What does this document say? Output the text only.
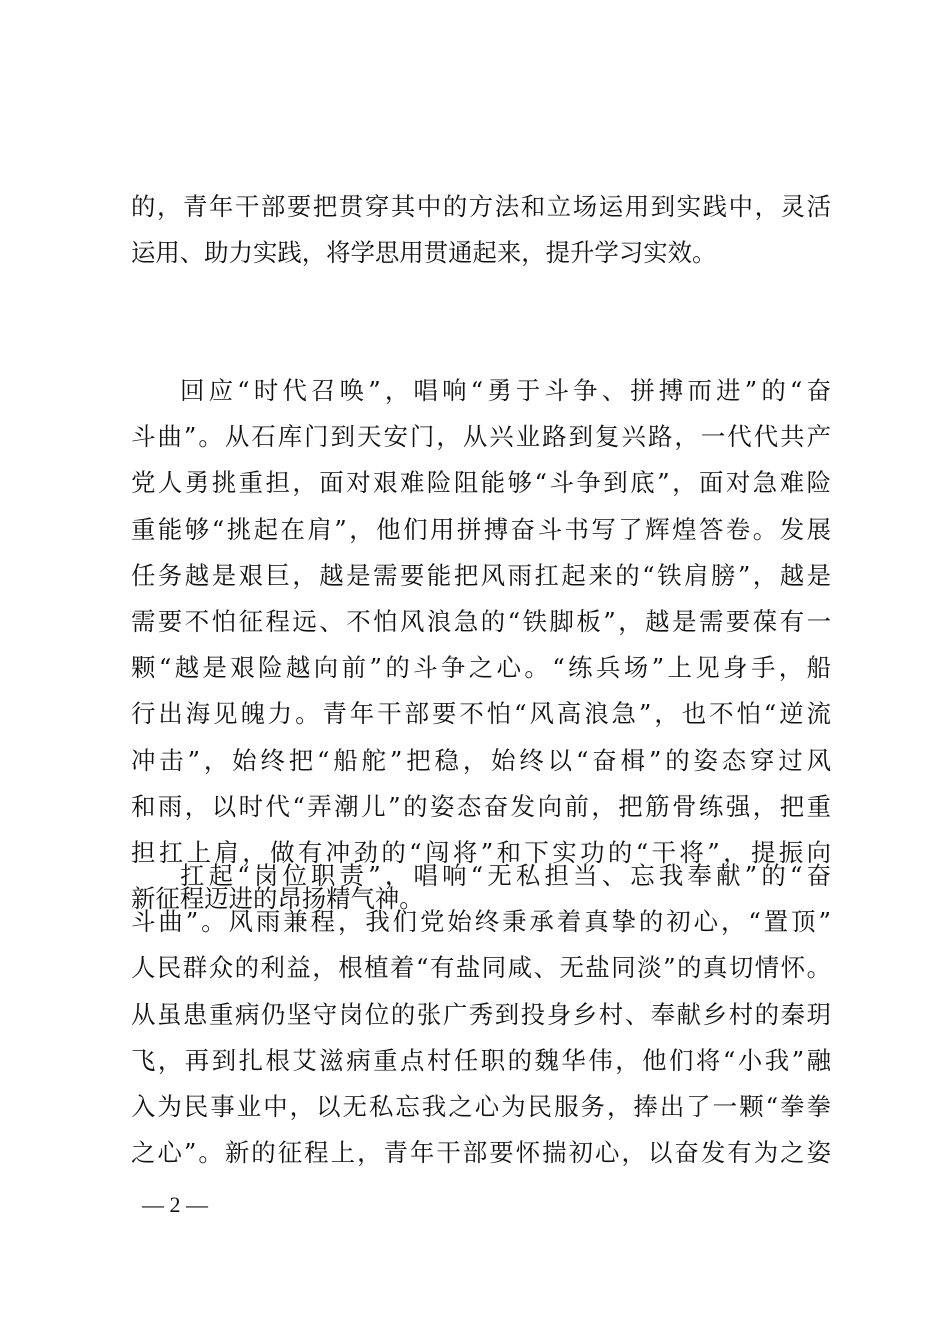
的，青年干部要把贯穿其中的方法和立场运用到实践中，灵活
运用、助力实践，将学思用贯通起来，提升学习实效。
回应“时代召唤”，唱响“勇于斗争、拼搏而进”的“奋
斗曲”。从石库门到天安门，从兴业路到复兴路，一代代共产
党人勇挑重担，面对艰难险阻能够“斗争到底”，面对急难险
重能够“挑起在肩”，他们用拼搏奋斗书写了辉煌答卷。发展
任务越是艰巨，越是需要能把风雨扛起来的“铁肩膀”，越是
需要不怕征程远、不怕风浪急的“铁脚板”，越是需要葆有一
颗“越是艰险越向前”的斗争之心。“练兵场”上见身手，船
行出海见魄力。青年干部要不怕“风高浪急”，也不怕“逆流
冲击”，始终把“船舵”把稳，始终以“奋楫”的姿态穿过风
和雨，以时代“弄潮儿”的姿态奋发向前，把筋骨练强，把重
担扛上肩，做有冲劲的“闯将”和下实功的“干将”，提振向
新征程迈进的昂扬精气神。
扛起“岗位职责”，唱响“无私担当、忘我奉献”的“奋
斗曲”。风雨兼程，我们党始终秉承着真挚的初心，“置顶”
人民群众的利益，根植着“有盐同咸、无盐同淡”的真切情怀。
从虽患重病仍坚守岗位的张广秀到投身乡村、奉献乡村的秦玥
飞，再到扎根艾滋病重点村任职的魏华伟，他们将“小我”融
入为民事业中，以无私忘我之心为民服务，捧出了一颗“拳拳
之心”。新的征程上，青年干部要怀揣初心，以奋发有为之姿
— 2 —
